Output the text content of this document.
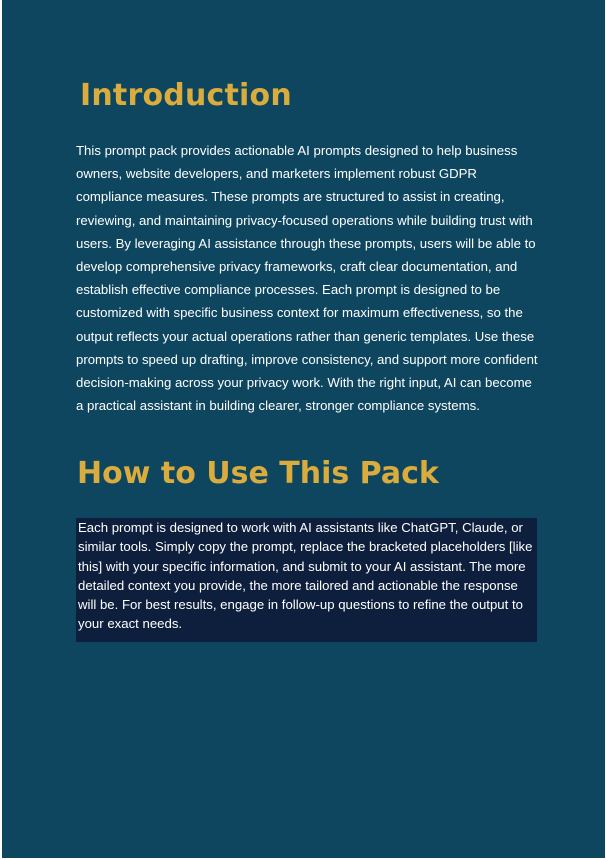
Introduction

This prompt pack provides actionable AI prompts designed to help business owners, website developers, and marketers implement robust GDPR compliance measures. These prompts are structured to assist in creating, reviewing, and maintaining privacy-focused operations while building trust with users. By leveraging AI assistance through these prompts, users will be able to develop comprehensive privacy frameworks, craft clear documentation, and establish effective compliance processes. Each prompt is designed to be customized with specific business context for maximum effectiveness, so the output reflects your actual operations rather than generic templates. Use these prompts to speed up drafting, improve consistency, and support more confident decision-making across your privacy work. With the right input, AI can become a practical assistant in building clearer, stronger compliance systems.

How to Use This Pack

Each prompt is designed to work with AI assistants like ChatGPT, Claude, or similar tools. Simply copy the prompt, replace the bracketed placeholders [like this] with your specific information, and submit to your AI assistant. The more detailed context you provide, the more tailored and actionable the response will be. For best results, engage in follow-up questions to refine the output to your exact needs.
